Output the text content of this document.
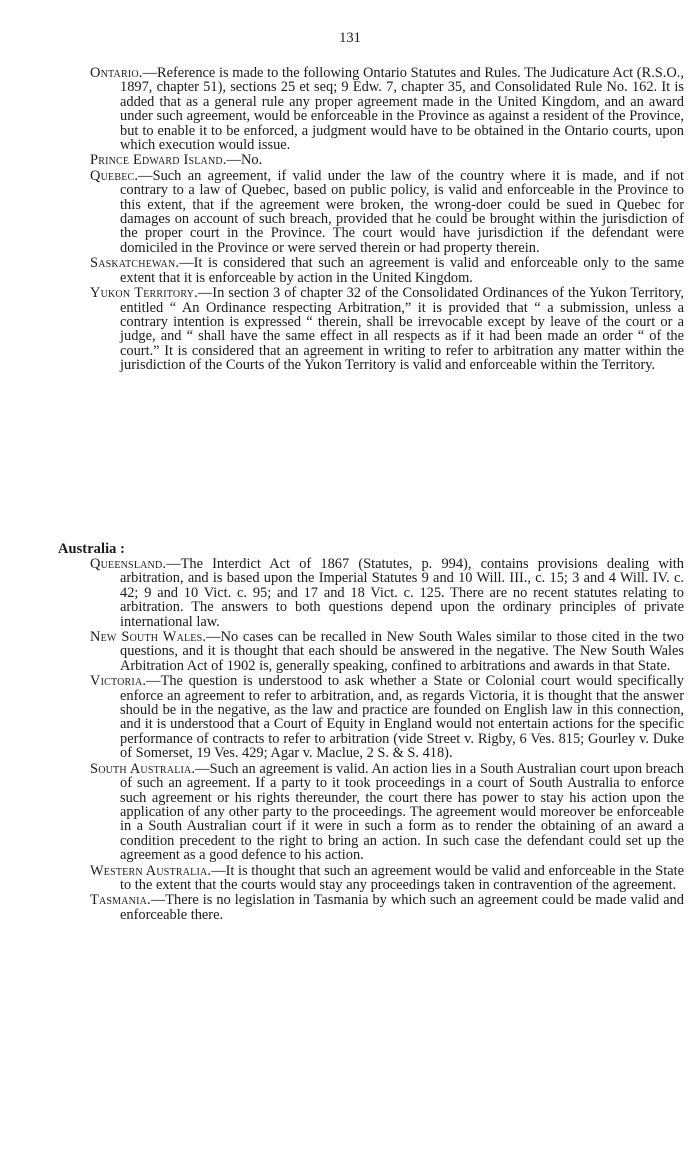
131

Ontario.—Reference is made to the following Ontario Statutes and Rules. The Judicature Act (R.S.O., 1897, chapter 51), sections 25 et seq; 9 Edw. 7, chapter 35, and Consolidated Rule No. 162. It is added that as a general rule any proper agreement made in the United Kingdom, and an award under such agreement, would be enforceable in the Province as against a resident of the Province, but to enable it to be enforced, a judgment would have to be obtained in the Ontario courts, upon which execution would issue.

Prince Edward Island.—No.

Quebec.—Such an agreement, if valid under the law of the country where it is made, and if not contrary to a law of Quebec, based on public policy, is valid and enforceable in the Province to this extent, that if the agreement were broken, the wrong-doer could be sued in Quebec for damages on account of such breach, provided that he could be brought within the jurisdiction of the proper court in the Province. The court would have jurisdiction if the defendant were domiciled in the Province or were served therein or had property therein.

Saskatchewan.—It is considered that such an agreement is valid and enforceable only to the same extent that it is enforceable by action in the United Kingdom.

Yukon Territory.—In section 3 of chapter 32 of the Consolidated Ordinances of the Yukon Territory, entitled “ An Ordinance respecting Arbitration,” it is provided that “ a submission, unless a contrary intention is expressed “ therein, shall be irrevocable except by leave of the court or a judge, and “ shall have the same effect in all respects as if it had been made an order “ of the court.” It is considered that an agreement in writing to refer to arbitration any matter within the jurisdiction of the Courts of the Yukon Territory is valid and enforceable within the Territory.

Australia :

Queensland.—The Interdict Act of 1867 (Statutes, p. 994), contains provisions dealing with arbitration, and is based upon the Imperial Statutes 9 and 10 Will. III., c. 15; 3 and 4 Will. IV. c. 42; 9 and 10 Vict. c. 95; and 17 and 18 Vict. c. 125. There are no recent statutes relating to arbitration. The answers to both questions depend upon the ordinary principles of private international law.

New South Wales.—No cases can be recalled in New South Wales similar to those cited in the two questions, and it is thought that each should be answered in the negative. The New South Wales Arbitration Act of 1902 is, generally speaking, confined to arbitrations and awards in that State.

Victoria.—The question is understood to ask whether a State or Colonial court would specifically enforce an agreement to refer to arbitration, and, as regards Victoria, it is thought that the answer should be in the negative, as the law and practice are founded on English law in this connection, and it is understood that a Court of Equity in England would not entertain actions for the specific performance of contracts to refer to arbitration (vide Street v. Rigby, 6 Ves. 815; Gourley v. Duke of Somerset, 19 Ves. 429; Agar v. Maclue, 2 S. & S. 418).

South Australia.—Such an agreement is valid. An action lies in a South Australian court upon breach of such an agreement. If a party to it took proceedings in a court of South Australia to enforce such agreement or his rights thereunder, the court there has power to stay his action upon the application of any other party to the proceedings. The agreement would moreover be enforceable in a South Australian court if it were in such a form as to render the obtaining of an award a condition precedent to the right to bring an action. In such case the defendant could set up the agreement as a good defence to his action.

Western Australia.—It is thought that such an agreement would be valid and enforceable in the State to the extent that the courts would stay any proceedings taken in contravention of the agreement.

Tasmania.—There is no legislation in Tasmania by which such an agreement could be made valid and enforceable there.
